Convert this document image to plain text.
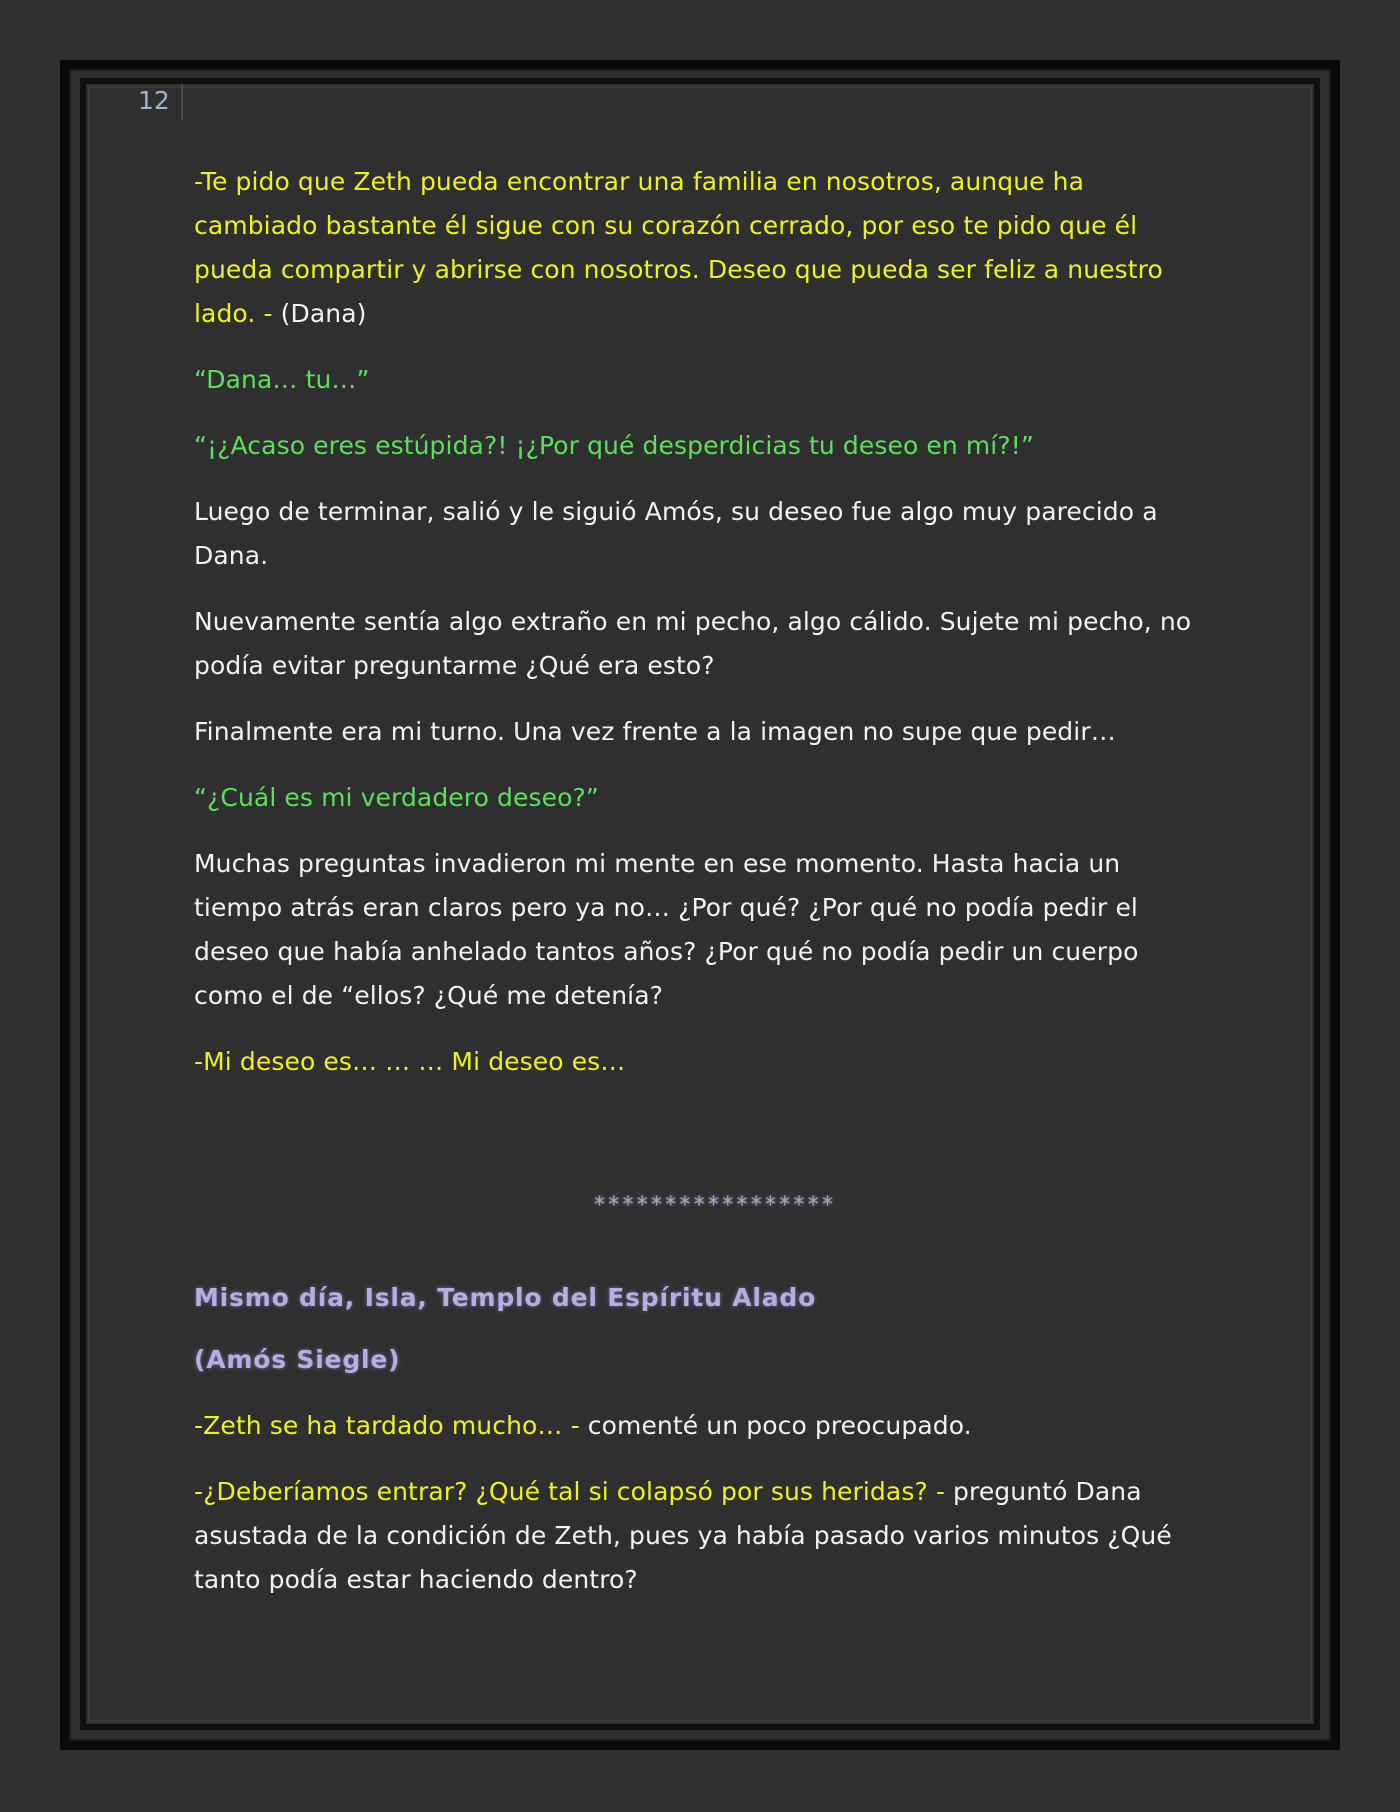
12

-Te pido que Zeth pueda encontrar una familia en nosotros, aunque ha cambiado bastante él sigue con su corazón cerrado, por eso te pido que él pueda compartir y abrirse con nosotros. Deseo que pueda ser feliz a nuestro lado. - (Dana)

“Dana… tu…”

“¡¿Acaso eres estúpida?! ¡¿Por qué desperdicias tu deseo en mí?!”

Luego de terminar, salió y le siguió Amós, su deseo fue algo muy parecido a Dana.

Nuevamente sentía algo extraño en mi pecho, algo cálido. Sujete mi pecho, no podía evitar preguntarme ¿Qué era esto?

Finalmente era mi turno. Una vez frente a la imagen no supe que pedir…

“¿Cuál es mi verdadero deseo?”

Muchas preguntas invadieron mi mente en ese momento. Hasta hacia un tiempo atrás eran claros pero ya no… ¿Por qué? ¿Por qué no podía pedir el deseo que había anhelado tantos años? ¿Por qué no podía pedir un cuerpo como el de “ellos? ¿Qué me detenía?

-Mi deseo es… … … Mi deseo es…

*****************

Mismo día, Isla, Templo del Espíritu Alado

(Amós Siegle)

-Zeth se ha tardado mucho… - comenté un poco preocupado.

-¿Deberíamos entrar? ¿Qué tal si colapsó por sus heridas? - preguntó Dana asustada de la condición de Zeth, pues ya había pasado varios minutos ¿Qué tanto podía estar haciendo dentro?
